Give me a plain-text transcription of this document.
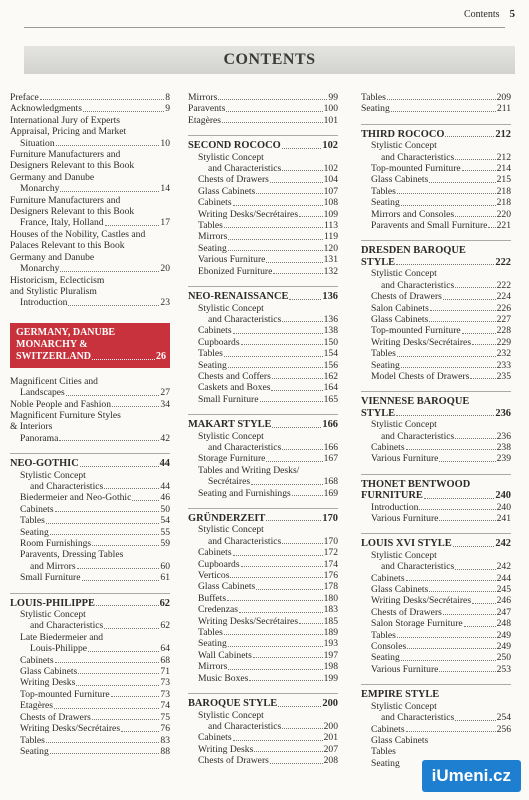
Contents 5
CONTENTS
Preface	8
Acknowledgments	9
International Jury of Experts
Appraisal, Pricing and Market
Situation	10
Furniture Manufacturers and
Designers Relevant to this Book
Germany and Danube
Monarchy	14
Furniture Manufacturers and
Designers Relevant to this Book
France, Italy, Holland	17
Houses of the Nobility, Castles and
Palaces Relevant to this Book
Germany and Danube
Monarchy	20
Historicism, Eclecticism
and Stylistic Pluralism
Introduction	23
GERMANY, DANUBE
MONARCHY &
SWITZERLAND	26
Magnificent Cities and
Landscapes	27
Noble People and Fashion	34
Magnificent Furniture Styles
& Interiors
Panorama	42
NEO-GOTHIC	44
Stylistic Concept
and Characteristics	44
Biedermeier and Neo-Gothic	46
Cabinets	50
Tables	54
Seating	55
Room Furnishings	59
Paravents, Dressing Tables
and Mirrors	60
Small Furniture	61
LOUIS-PHILIPPE	62
Stylistic Concept
and Characteristics	62
Late Biedermeier and
Louis-Philippe	64
Cabinets	68
Glass Cabinets	71
Writing Desks	73
Top-mounted Furniture	73
Etagères	74
Chests of Drawers	75
Writing Desks/Secrétaires	76
Tables	83
Seating	88
Mirrors	99
Paravents	100
Etagères	101
SECOND ROCOCO	102
Stylistic Concept
and Characteristics	102
Chests of Drawers	104
Glass Cabinets	107
Cabinets	108
Writing Desks/Secrétaires	109
Tables	113
Mirrors	119
Seating	120
Various Furniture	131
Ebonized Furniture	132
NEO-RENAISSANCE	136
Stylistic Concept
and Characteristics	136
Cabinets	138
Cupboards	150
Tables	154
Seating	156
Chests and Coffers	162
Caskets and Boxes	164
Small Furniture	165
MAKART STYLE	166
Stylistic Concept
and Characteristics	166
Storage Furniture	167
Tables and Writing Desks/
Secrétaires	168
Seating and Furnishings	169
GRÜNDERZEIT	170
Stylistic Concept
and Characteristics	170
Cabinets	172
Cupboards	174
Verticos	176
Glass Cabinets	178
Buffets	180
Credenzas	183
Writing Desks/Secrétaires	185
Tables	189
Seating	193
Wall Cabinets	197
Mirrors	198
Music Boxes	199
BAROQUE STYLE	200
Stylistic Concept
and Characteristics	200
Cabinets	201
Writing Desks	207
Chests of Drawers	208
Tables	209
Seating	211
THIRD ROCOCO	212
Stylistic Concept
and Characteristics	212
Top-mounted Furniture	214
Glass Cabinets	215
Tables	218
Seating	218
Mirrors and Consoles	220
Paravents and Small Furniture 221
DRESDEN BAROQUE
STYLE	222
Stylistic Concept
and Characteristics	222
Chests of Drawers	224
Salon Cabinets	226
Glass Cabinets	227
Top-mounted Furniture	228
Writing Desks/Secrétaires	229
Tables	232
Seating	233
Model Chests of Drawers	235
VIENNESE BAROQUE
STYLE	236
Stylistic Concept
and Characteristics	236
Cabinets	238
Various Furniture	239
THONET BENTWOOD
FURNITURE	240
Introduction	240
Various Furniture	241
LOUIS XVI STYLE	242
Stylistic Concept
and Characteristics	242
Cabinets	244
Glass Cabinets	245
Writing Desks/Secrétaires	246
Chests of Drawers	247
Salon Storage Furniture	248
Tables	249
Consoles	249
Seating	250
Various Furniture	253
EMPIRE STYLE
Stylistic Concept
and Characteristics	254
Cabinets	256
Glass Cabinets
Tables
Seating
iUmeni.cz
